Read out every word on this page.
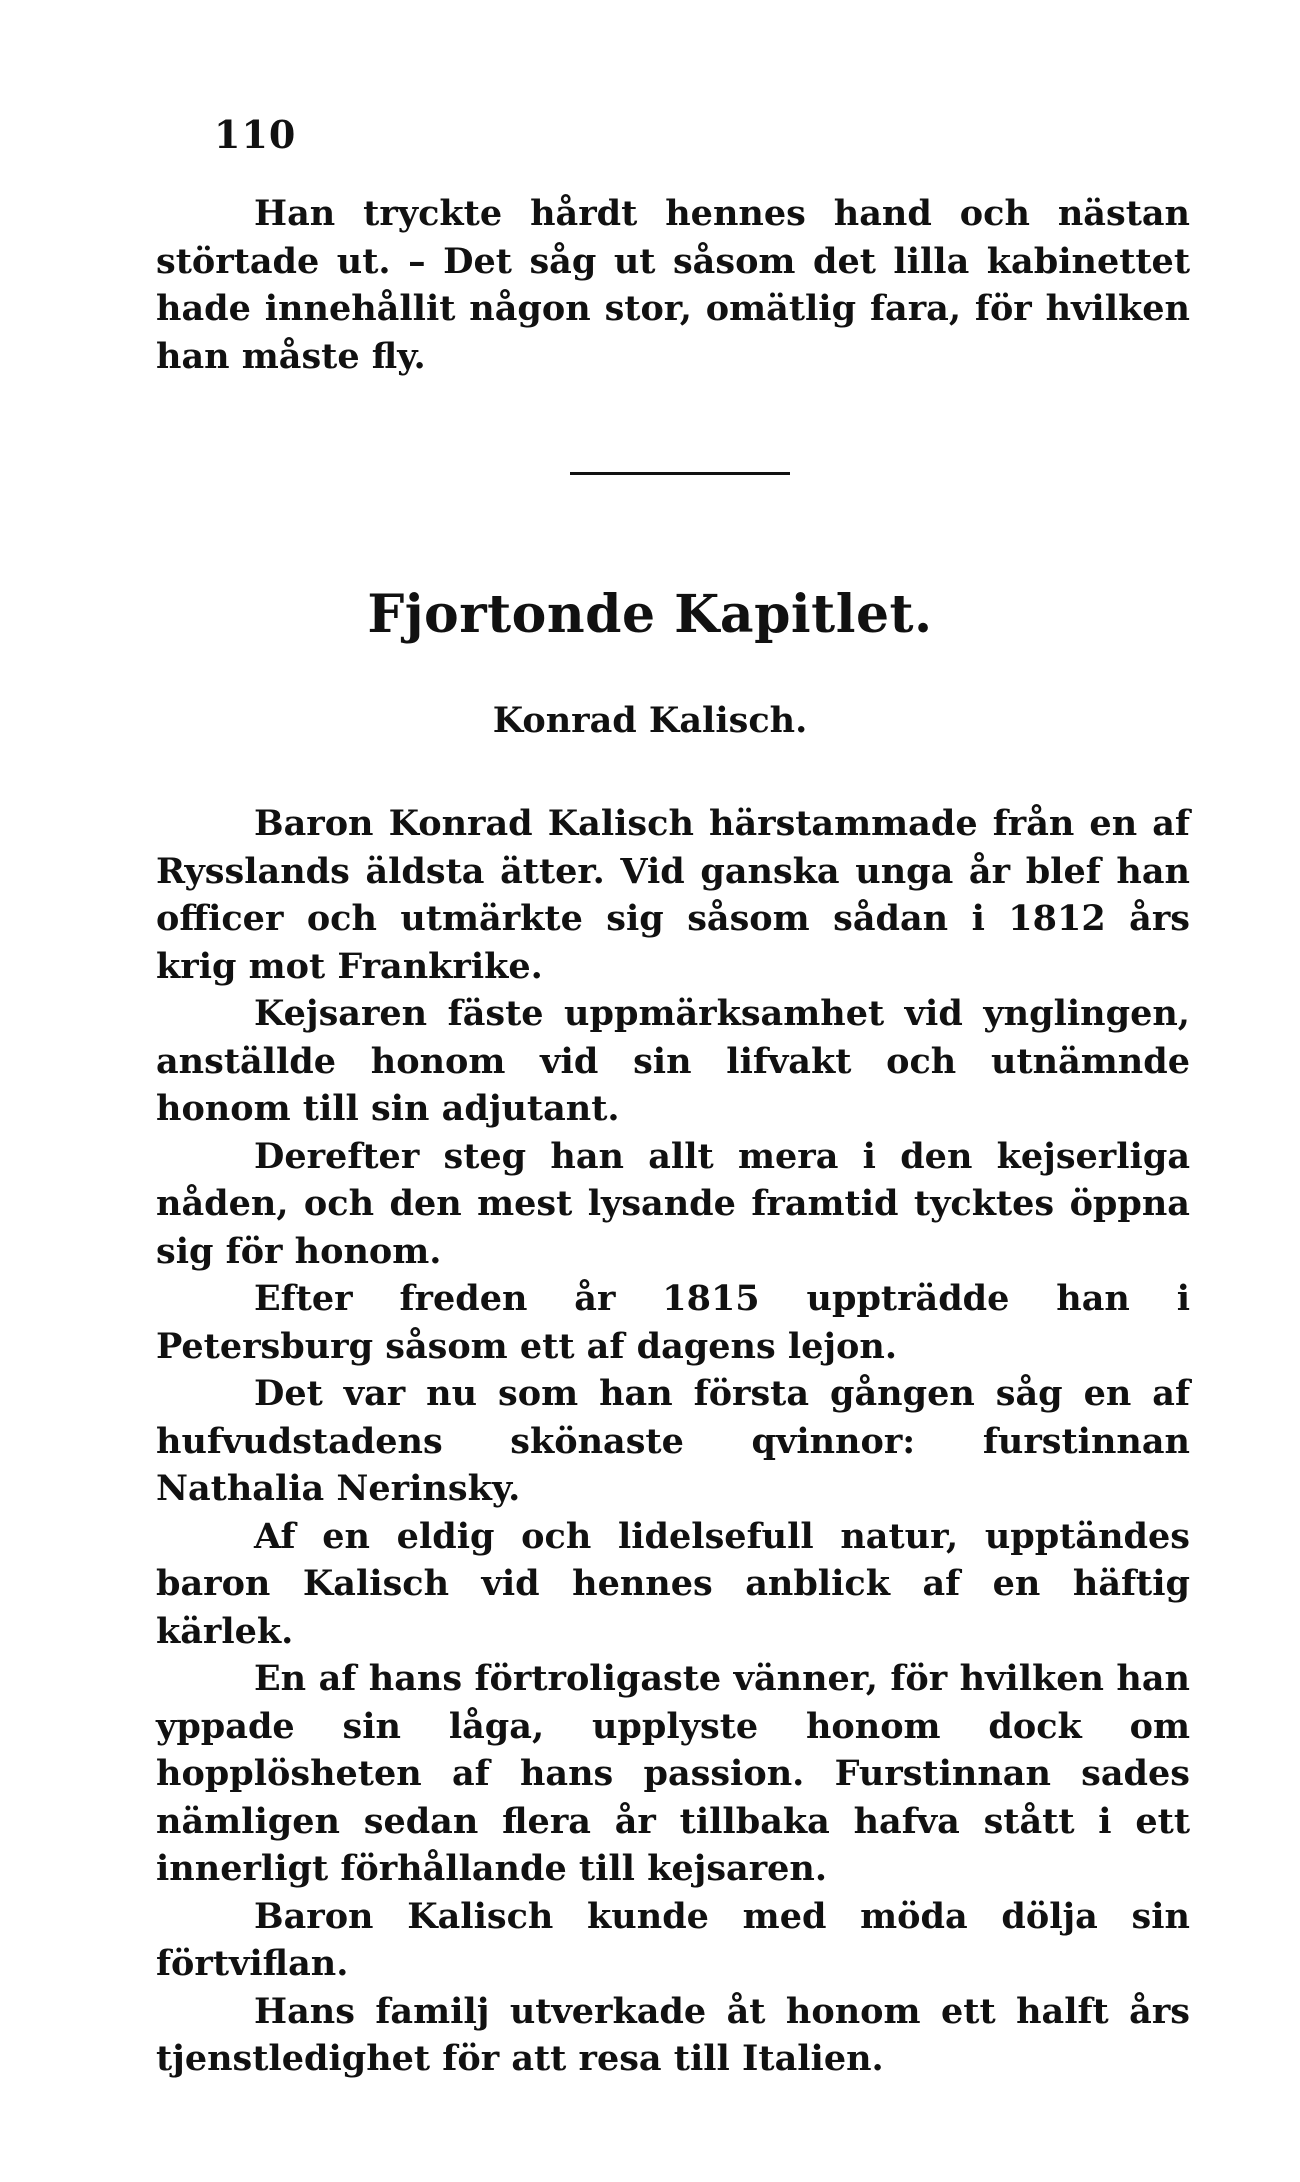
110

Han tryckte hårdt hennes hand och nästan störtade ut. – Det såg ut såsom det lilla kabinettet hade innehållit någon stor, omätlig fara, för hvilken han måste fly.

Fjortonde Kapitlet.
Konrad Kalisch.

Baron Konrad Kalisch härstammade från en af Rysslands äldsta ätter. Vid ganska unga år blef han officer och utmärkte sig såsom sådan i 1812 års krig mot Frankrike.

Kejsaren fäste uppmärksamhet vid ynglingen, anställde honom vid sin lifvakt och utnämnde honom till sin adjutant.

Derefter steg han allt mera i den kejserliga nåden, och den mest lysande framtid tycktes öppna sig för honom.

Efter freden år 1815 uppträdde han i Petersburg såsom ett af dagens lejon.

Det var nu som han första gången såg en af hufvudstadens skönaste qvinnor: furstinnan Nathalia Nerinsky.

Af en eldig och lidelsefull natur, upptändes baron Kalisch vid hennes anblick af en häftig kärlek.

En af hans förtroligaste vänner, för hvilken han yppade sin låga, upplyste honom dock om hopplösheten af hans passion. Furstinnan sades nämligen sedan flera år tillbaka hafva stått i ett innerligt förhållande till kejsaren.

Baron Kalisch kunde med möda dölja sin förtviflan.

Hans familj utverkade åt honom ett halft års tjenstledighet för att resa till Italien.
